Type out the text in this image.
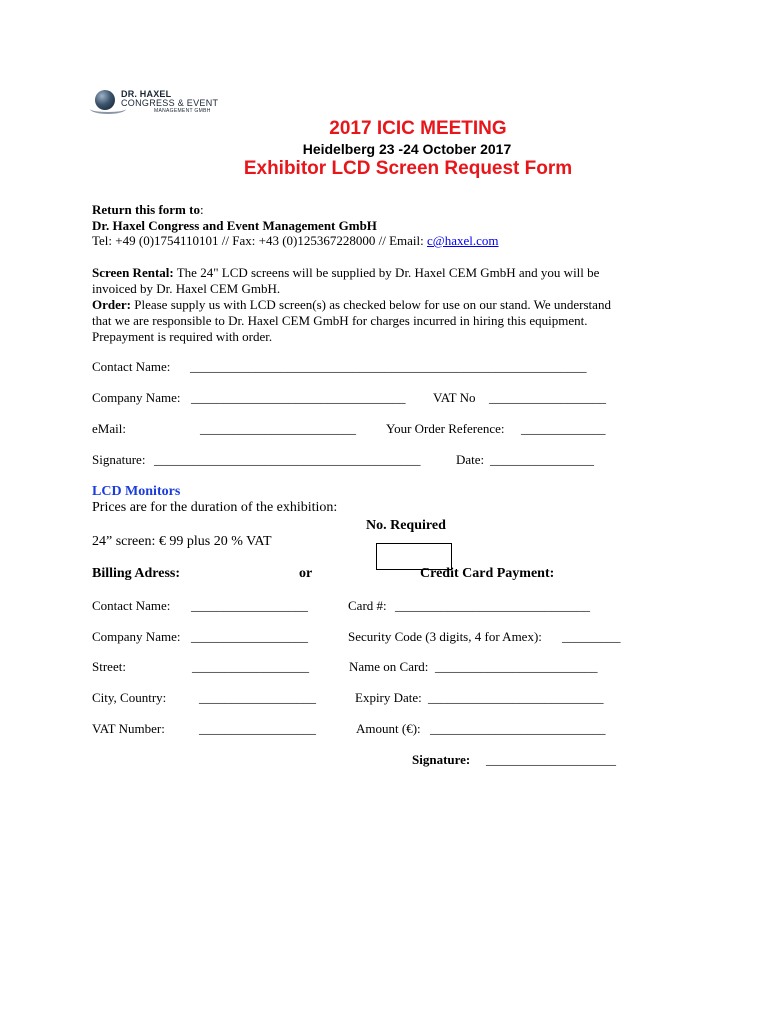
DR. HAXEL
CONGRESS & EVENT
MANAGEMENT GMBH
2017 ICIC MEETING
Heidelberg 23 -24 October 2017
Exhibitor LCD Screen Request Form
Return this form to:
Dr. Haxel Congress and Event Management GmbH
Tel: +49 (0)1754110101 // Fax: +43 (0)125367228000 // Email: c@haxel.com
Screen Rental: The 24" LCD screens will be supplied by Dr. Haxel CEM GmbH and you will be
invoiced by Dr. Haxel CEM GmbH.
Order: Please supply us with LCD screen(s) as checked below for use on our stand. We understand
that we are responsible to Dr. Haxel CEM GmbH for charges incurred in hiring this equipment.
Prepayment is required with order.
Contact Name: _____________________________________________________________
Company Name: _________________________________ VAT No __________________
eMail:	________________________ Your Order Reference: _____________
Signature: _________________________________________	Date: ________________
LCD Monitors
Prices are for the duration of the exhibition:
No. Required
24” screen: € 99 plus 20 % VAT
Billing Adress:	or	Credit Card Payment:
Contact Name: __________________
Company Name: __________________
Street:	__________________
City, Country:	__________________
VAT Number:	__________________
Card #: ______________________________
Security Code (3 digits, 4 for Amex): _________
Name on Card: _________________________
Expiry Date: ___________________________
Amount (€): ___________________________
Signature: ____________________
